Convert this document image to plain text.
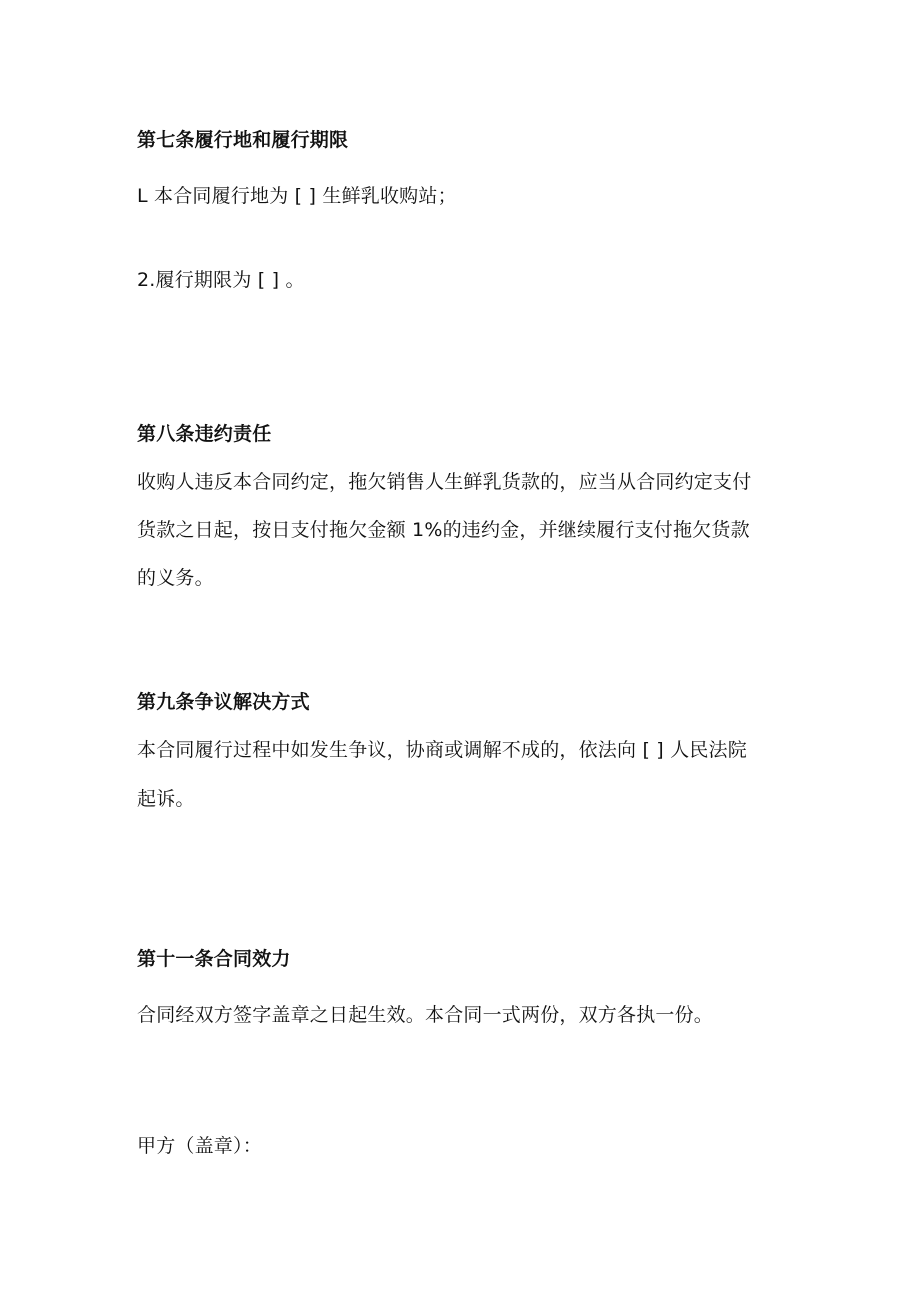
第七条履行地和履行期限
L 本合同履行地为 [ ] 生鲜乳收购站；
2.履行期限为 [ ] 。
第八条违约责任
收购人违反本合同约定，拖欠销售人生鲜乳货款的，应当从合同约定支付
货款之日起，按日支付拖欠金额 1%的违约金，并继续履行支付拖欠货款
的义务。
第九条争议解决方式
本合同履行过程中如发生争议，协商或调解不成的，依法向 [ ] 人民法院
起诉。
第十一条合同效力
合同经双方签字盖章之日起生效。本合同一式两份，双方各执一份。
甲方（盖章）：
